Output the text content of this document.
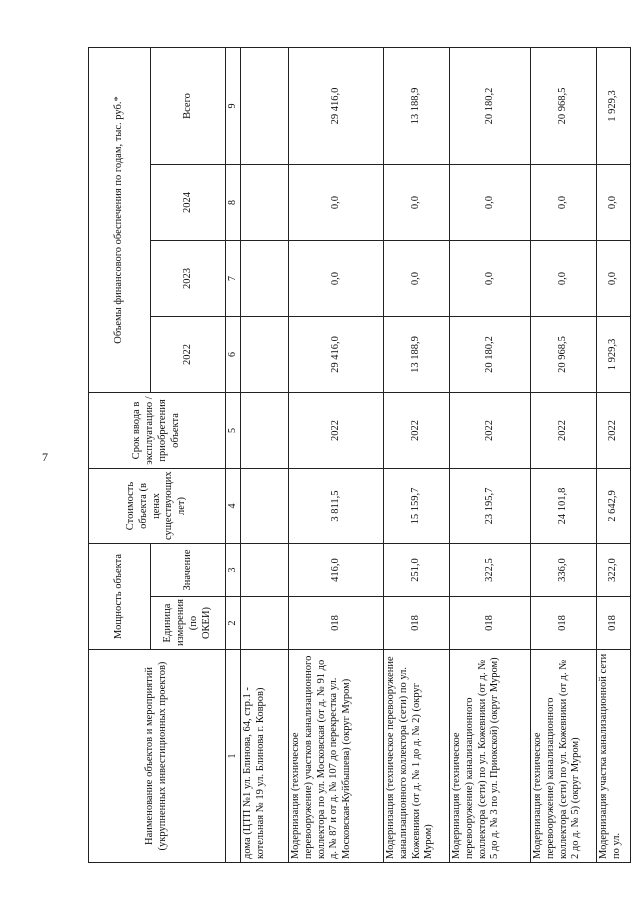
7
Наименование объектов и мероприятий (укрупненных инвестиционных проектов)	Мощность объекта		Стоимость объекта (в ценах существующих лет)	Срок ввода в эксплуатацию / приобретения объекта	Объемы финансового обеспечения по годам, тыс. руб.*			
	Единица измерения (по ОКЕИ)	Значение			2022	2023	2024	Всего
1	2	3	4	5	6	7	8	9
дома (ЦТП №1 ул. Блинова, 64, стр.1 - котельная № 19 ул. Блинова г. Ковров)								
Модернизация (техническое перевооружение) участков канализационного коллектора по ул. Московская (от д. № 91 до д. № 87 и от д. № 107 до перекрестка ул. Московская-Куйбышева) (округ Муром)	018	416,0	3 811,5	2022	29 416,0	0,0	0,0	29 416,0
Модернизация (техническое перевооружение канализационного коллектора (сети) по ул. Кожевники (от д. № 1 до д. № 2) (округ Муром)	018	251,0	15 159,7	2022	13 188,9	0,0	0,0	13 188,9
Модернизация (техническое перевооружение) канализационного коллектора (сети) по ул. Кожевники (от д. № 5 до д. № 3 по ул. Приокской) (округ Муром)	018	322,5	23 195,7	2022	20 180,2	0,0	0,0	20 180,2
Модернизация (техническое перевооружение) канализационного коллектора (сети) по ул. Кожевники (от д. № 2 до д. № 5) (округ Муром)	018	336,0	24 101,8	2022	20 968,5	0,0	0,0	20 968,5
Модернизация участка канализационной сети по ул.	018	322,0	2 642,9	2022	1 929,3	0,0	0,0	1 929,3
